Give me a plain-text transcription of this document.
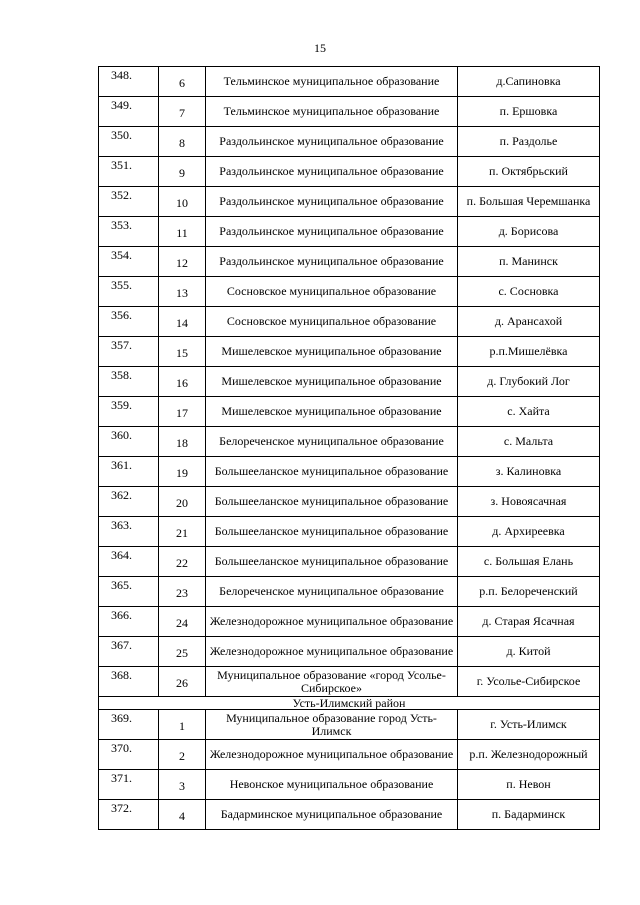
15
348.	6	Тельминское муниципальное образование	д.Сапиновка
349.	7	Тельминское муниципальное образование	п. Ершовка
350.	8	Раздольинское муниципальное образование	п. Раздолье
351.	9	Раздольинское муниципальное образование	п. Октябрьский
352.	10	Раздольинское муниципальное образование	п. Большая Черемшанка
353.	11	Раздольинское муниципальное образование	д. Борисова
354.	12	Раздольинское муниципальное образование	п. Манинск
355.	13	Сосновское муниципальное образование	с. Сосновка
356.	14	Сосновское муниципальное образование	д. Арансахой
357.	15	Мишелевское муниципальное образование	р.п.Мишелёвка
358.	16	Мишелевское муниципальное образование	д. Глубокий Лог
359.	17	Мишелевское муниципальное образование	с. Хайта
360.	18	Белореченское муниципальное образование	с. Мальта
361.	19	Большееланское муниципальное образование	з. Калиновка
362.	20	Большееланское муниципальное образование	з. Новоясачная
363.	21	Большееланское муниципальное образование	д. Архиреевка
364.	22	Большееланское муниципальное образование	с. Большая Елань
365.	23	Белореченское муниципальное образование	р.п. Белореченский
366.	24	Железнодорожное муниципальное образование	д. Старая Ясачная
367.	25	Железнодорожное муниципальное образование	д. Китой
368.	26	Муниципальное образование «город Усолье-Сибирское»	г. Усолье-Сибирское
Усть-Илимский район			
369.	1	Муниципальное образование город Усть-Илимск	г. Усть-Илимск
370.	2	Железнодорожное муниципальное образование	р.п. Железнодорожный
371.	3	Невонское муниципальное образование	п. Невон
372.	4	Бадарминское муниципальное образование	п. Бадарминск
